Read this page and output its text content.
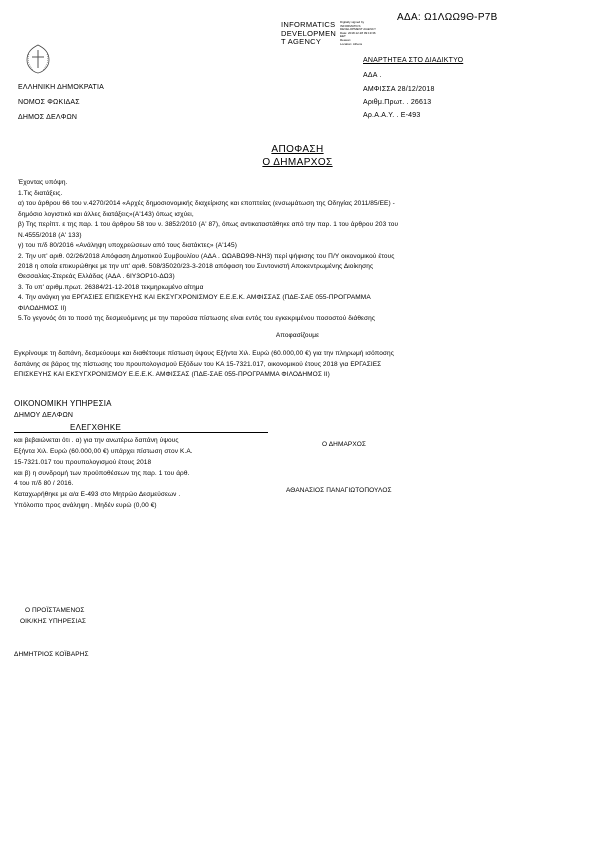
ΑΔΑ: Ω1ΛΩΩ9Θ-Ρ7Β
INFORMATICS
DEVELOPMEN
T AGENCY
Digitally signed by
INFORMATICS
DEVELOPMENT AGENCY
Date: 2018.12.28 09:19:36
EET
Reason:
Location: Athens
ΕΛΛΗΝΙΚΗ ΔΗΜΟΚΡΑΤΙΑ
ΝΟΜΟΣ ΦΩΚΙΔΑΣ
ΔΗΜΟΣ ΔΕΛΦΩΝ
ΑΝΑΡΤΗΤΕΑ ΣΤΟ ΔΙΑΔΙΚΤΥΟ
ΑΔΑ .
ΑΜΦΙΣΣΑ 28/12/2018
Αριθμ.Πρωτ. . 26613
Αρ.Α.Α.Υ. . Ε-493
ΑΠΟΦΑΣΗ
Ο ΔΗΜΑΡΧΟΣ
Έχοντας υπόψη.
1.Τις διατάξεις.
α) του άρθρου 66 του ν.4270/2014 «Αρχές δημοσιονομικής διαχείρισης και εποπτείας (ενσωμάτωση της Οδηγίας 2011/85/ΕΕ) -
δημόσιο λογιστικό και άλλες διατάξεις»(Α'143) όπως ισχύει,
β) Της περίπτ. ε της παρ. 1 του άρθρου 58 του ν. 3852/2010 (Α' 87), όπως αντικαταστάθηκε από την παρ. 1 του άρθρου 203 του
Ν.4555/2018 (Α' 133)
γ) του π/δ 80/2016 «Ανάληψη υποχρεώσεων από τους διατάκτες» (Α'145)
2. Την υπ' αριθ. 02/26/2018 Απόφαση Δημοτικού Συμβουλίου (ΑΔΑ . ΩΩΑΒΩ9Θ-ΝΗ3) περί ψήφισης του Π/Υ οικονομικού έτους
2018 η οποία επικυρώθηκε με την υπ' αριθ. 508/35020/23-3-2018 απόφαση του Συντονιστή Αποκεντρωμένης Διοίκησης
Θεσσαλίας-Στερεάς Ελλάδας (ΑΔΑ . 6ΙΥ3ΟΡ10-ΔΩ3)
3. Το υπ' αριθμ.πρωτ. 26384/21-12-2018 τεκμηριωμένο αίτημα
4. Την ανάγκη για ΕΡΓΑΣΙΕΣ ΕΠΙΣΚΕΥΗΣ ΚΑΙ ΕΚΣΥΓΧΡΟΝΙΣΜΟΥ Ε.Ε.Ε.Κ. ΑΜΦΙΣΣΑΣ (ΠΔΕ-ΣΑΕ 055-ΠΡΟΓΡΑΜΜΑ
ΦΙΛΟΔΗΜΟΣ ΙΙ)
5.Το γεγονός ότι το ποσό της δεσμευόμενης με την παρούσα πίστωσης είναι εντός του εγκεκριμένου ποσοστού διάθεσης
Αποφασίζουμε
Εγκρίνουμε τη δαπάνη, δεσμεύουμε και διαθέτουμε πίστωση ύψους Εξήντα Χιλ. Ευρώ (60.000,00 €) για την πληρωμή ισόποσης
δαπάνης σε βάρος της πίστωσης του προυπολογισμού Εξόδων του ΚΑ 15-7321.017, οικονομικού έτους 2018 για ΕΡΓΑΣΙΕΣ
ΕΠΙΣΚΕΥΗΣ ΚΑΙ ΕΚΣΥΓΧΡΟΝΙΣΜΟΥ Ε.Ε.Ε.Κ. ΑΜΦΙΣΣΑΣ (ΠΔΕ-ΣΑΕ 055-ΠΡΟΓΡΑΜΜΑ ΦΙΛΟΔΗΜΟΣ ΙΙ)
ΟΙΚΟΝΟΜΙΚΗ ΥΠΗΡΕΣΙΑ
ΔΗΜΟΥ ΔΕΛΦΩΝ
ΕΛΕΓΧΘΗΚΕ
και βεβαιώνεται ότι . α) για την ανωτέρω δαπάνη ύψους
Εξήντα Χιλ. Ευρώ (60.000,00 €) υπάρχει πίστωση στον Κ.Α.
15-7321.017 του προυπολογισμού έτους 2018
και β) η συνδρομή των προϋποθέσεων της παρ. 1 του άρθ.
4 του π/δ 80 / 2016.
Καταχωρήθηκε με α/α Ε-493 στο Μητρώο Δεσμεύσεων .
Υπόλοιπο προς ανάληψη . Μηδέν ευρώ (0,00 €)
Ο ΔΗΜΑΡΧΟΣ
ΑΘΑΝΑΣΙΟΣ ΠΑΝΑΓΙΩΤΟΠΟΥΛΟΣ
Ο ΠΡΟΪΣΤΑΜΕΝΟΣ
ΟΙΚ/ΚΗΣ ΥΠΗΡΕΣΙΑΣ
ΔΗΜΗΤΡΙΟΣ ΚΟΪΒΑΡΗΣ
